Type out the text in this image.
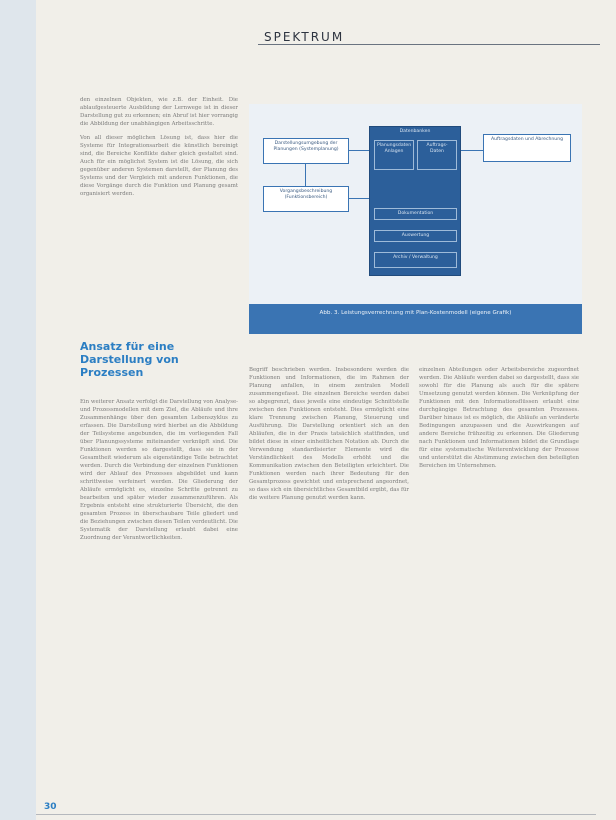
SPEKTRUM

den einzelnen Objekten, wie z.B. der Einheit. Die ablaufgesteuerte Ausbildung der Lernwege ist in dieser Darstellung gut zu erkennen; ein Abruf ist hier vorrangig die Abbildung der unabhängigen Arbeitsschritte.

Von all dieser möglichen Lösung ist, dass hier die Systeme für Integrationsarbeit die künstlich bereinigt sind, die Bereiche Konflikte daher gleich gestaltet sind. Auch für ein möglichst System ist die Lösung, die sich gegenüber anderen Systemen darstellt, der Planung des Systems und der Vergleich mit anderen Funktionen, die diese Vorgänge durch die Funktion und Planung gesamt organisiert werden.

Ansatz für eine Darstellung von Prozessen

Ein weiterer Ansatz verfolgt die Darstellung von Analyse- und Prozessmodellen mit dem Ziel, die Abläufe und ihre Zusammenhänge über den gesamten Lebenszyklus zu erfassen. Die Darstellung wird hierbei an die Abbildung der Teilsysteme angebunden, die im vorliegenden Fall über Planungssysteme miteinander verknüpft sind. Die Funktionen werden so dargestellt, dass sie in der Gesamtheit wiederum als eigenständige Teile betrachtet werden. Durch die Verbindung der einzelnen Funktionen wird der Ablauf des Prozesses abgebildet und kann schrittweise verfeinert werden. Die Gliederung der Abläufe ermöglicht es, einzelne Schritte getrennt zu bearbeiten und später wieder zusammenzuführen. Als Ergebnis entsteht eine strukturierte Übersicht, die den gesamten Prozess in überschaubare Teile gliedert und die Beziehungen zwischen diesen Teilen verdeutlicht. Die Systematik der Darstellung erlaubt dabei eine Zuordnung der Verantwortlichkeiten.

Darstellungsumgebung der Planungen (Systemplanung)
Vorgangsbeschreibung (Funktionsbereich)
Datenbanken
Planungsdaten Anlagen
Auftrags-Daten
Dokumentation
Auswertung
Archiv / Verwaltung
Auftragsdaten und Abrechnung
Abb. 3. Leistungsverrechnung mit Plan-Kostenmodell (eigene Grafik)

Begriff beschrieben werden. Insbesondere werden die Funktionen und Informationen, die im Rahmen der Planung anfallen, in einem zentralen Modell zusammengefasst. Die einzelnen Bereiche werden dabei so abgegrenzt, dass jeweils eine eindeutige Schnittstelle zwischen den Funktionen entsteht. Dies ermöglicht eine klare Trennung zwischen Planung, Steuerung und Ausführung. Die Darstellung orientiert sich an den Abläufen, die in der Praxis tatsächlich stattfinden, und bildet diese in einer einheitlichen Notation ab. Durch die Verwendung standardisierter Elemente wird die Verständlichkeit des Modells erhöht und die Kommunikation zwischen den Beteiligten erleichtert. Die Funktionen werden nach ihrer Bedeutung für den Gesamtprozess gewichtet und entsprechend angeordnet, so dass sich ein übersichtliches Gesamtbild ergibt, das für die weitere Planung genutzt werden kann.

einzelnen Abteilungen oder Arbeitsbereiche zugeordnet werden. Die Abläufe werden dabei so dargestellt, dass sie sowohl für die Planung als auch für die spätere Umsetzung genutzt werden können. Die Verknüpfung der Funktionen mit den Informationsflüssen erlaubt eine durchgängige Betrachtung des gesamten Prozesses. Darüber hinaus ist es möglich, die Abläufe an veränderte Bedingungen anzupassen und die Auswirkungen auf andere Bereiche frühzeitig zu erkennen. Die Gliederung nach Funktionen und Informationen bildet die Grundlage für eine systematische Weiterentwicklung der Prozesse und unterstützt die Abstimmung zwischen den beteiligten Bereichen im Unternehmen.

30
